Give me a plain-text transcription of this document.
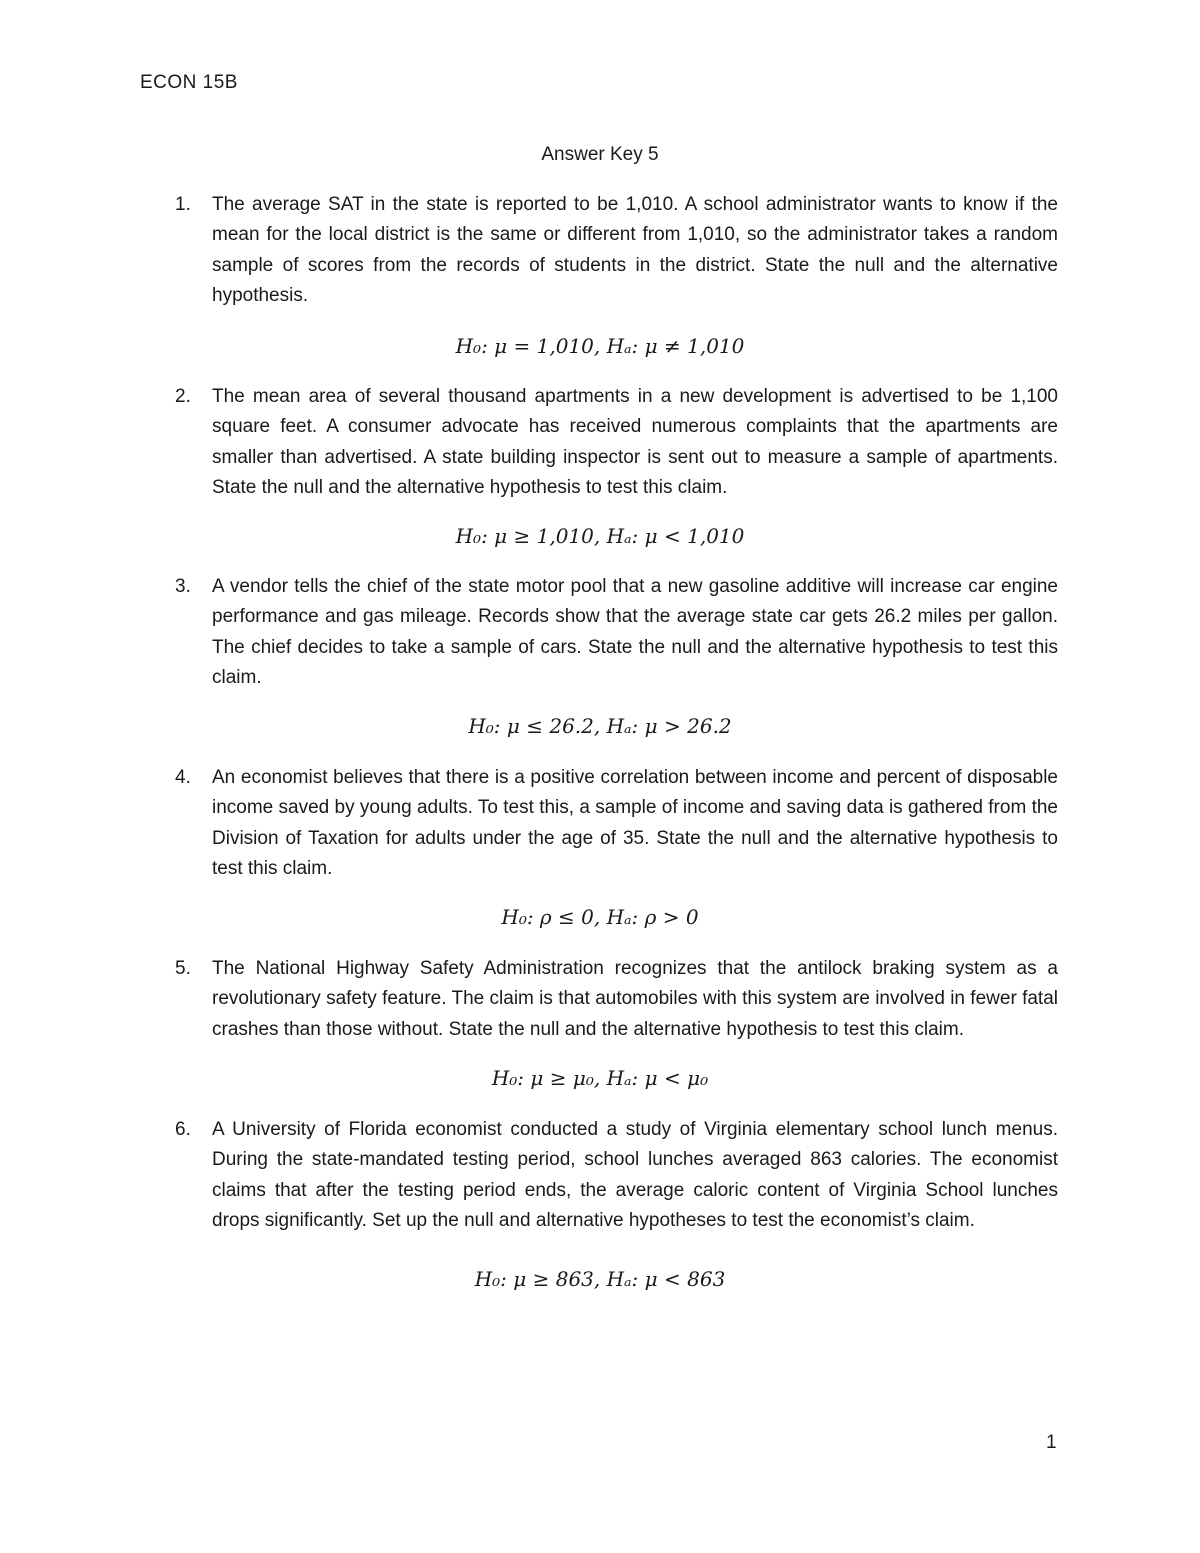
ECON 15B
Answer Key 5
1. The average SAT in the state is reported to be 1,010. A school administrator wants to know if the mean for the local district is the same or different from 1,010, so the administrator takes a random sample of scores from the records of students in the district. State the null and the alternative hypothesis.

H₀: μ = 1,010, Hₐ: μ ≠ 1,010
2. The mean area of several thousand apartments in a new development is advertised to be 1,100 square feet. A consumer advocate has received numerous complaints that the apartments are smaller than advertised. A state building inspector is sent out to measure a sample of apartments. State the null and the alternative hypothesis to test this claim.

H₀: μ ≥ 1,010, Hₐ: μ < 1,010
3. A vendor tells the chief of the state motor pool that a new gasoline additive will increase car engine performance and gas mileage. Records show that the average state car gets 26.2 miles per gallon. The chief decides to take a sample of cars. State the null and the alternative hypothesis to test this claim.

H₀: μ ≤ 26.2, Hₐ: μ > 26.2
4. An economist believes that there is a positive correlation between income and percent of disposable income saved by young adults. To test this, a sample of income and saving data is gathered from the Division of Taxation for adults under the age of 35. State the null and the alternative hypothesis to test this claim.

H₀: ρ ≤ 0, Hₐ: ρ > 0
5. The National Highway Safety Administration recognizes that the antilock braking system as a revolutionary safety feature. The claim is that automobiles with this system are involved in fewer fatal crashes than those without. State the null and the alternative hypothesis to test this claim.

H₀: μ ≥ μ₀, Hₐ: μ < μ₀
6. A University of Florida economist conducted a study of Virginia elementary school lunch menus. During the state-mandated testing period, school lunches averaged 863 calories. The economist claims that after the testing period ends, the average caloric content of Virginia School lunches drops significantly. Set up the null and alternative hypotheses to test the economist’s claim.

H₀: μ ≥ 863, Hₐ: μ < 863
1
